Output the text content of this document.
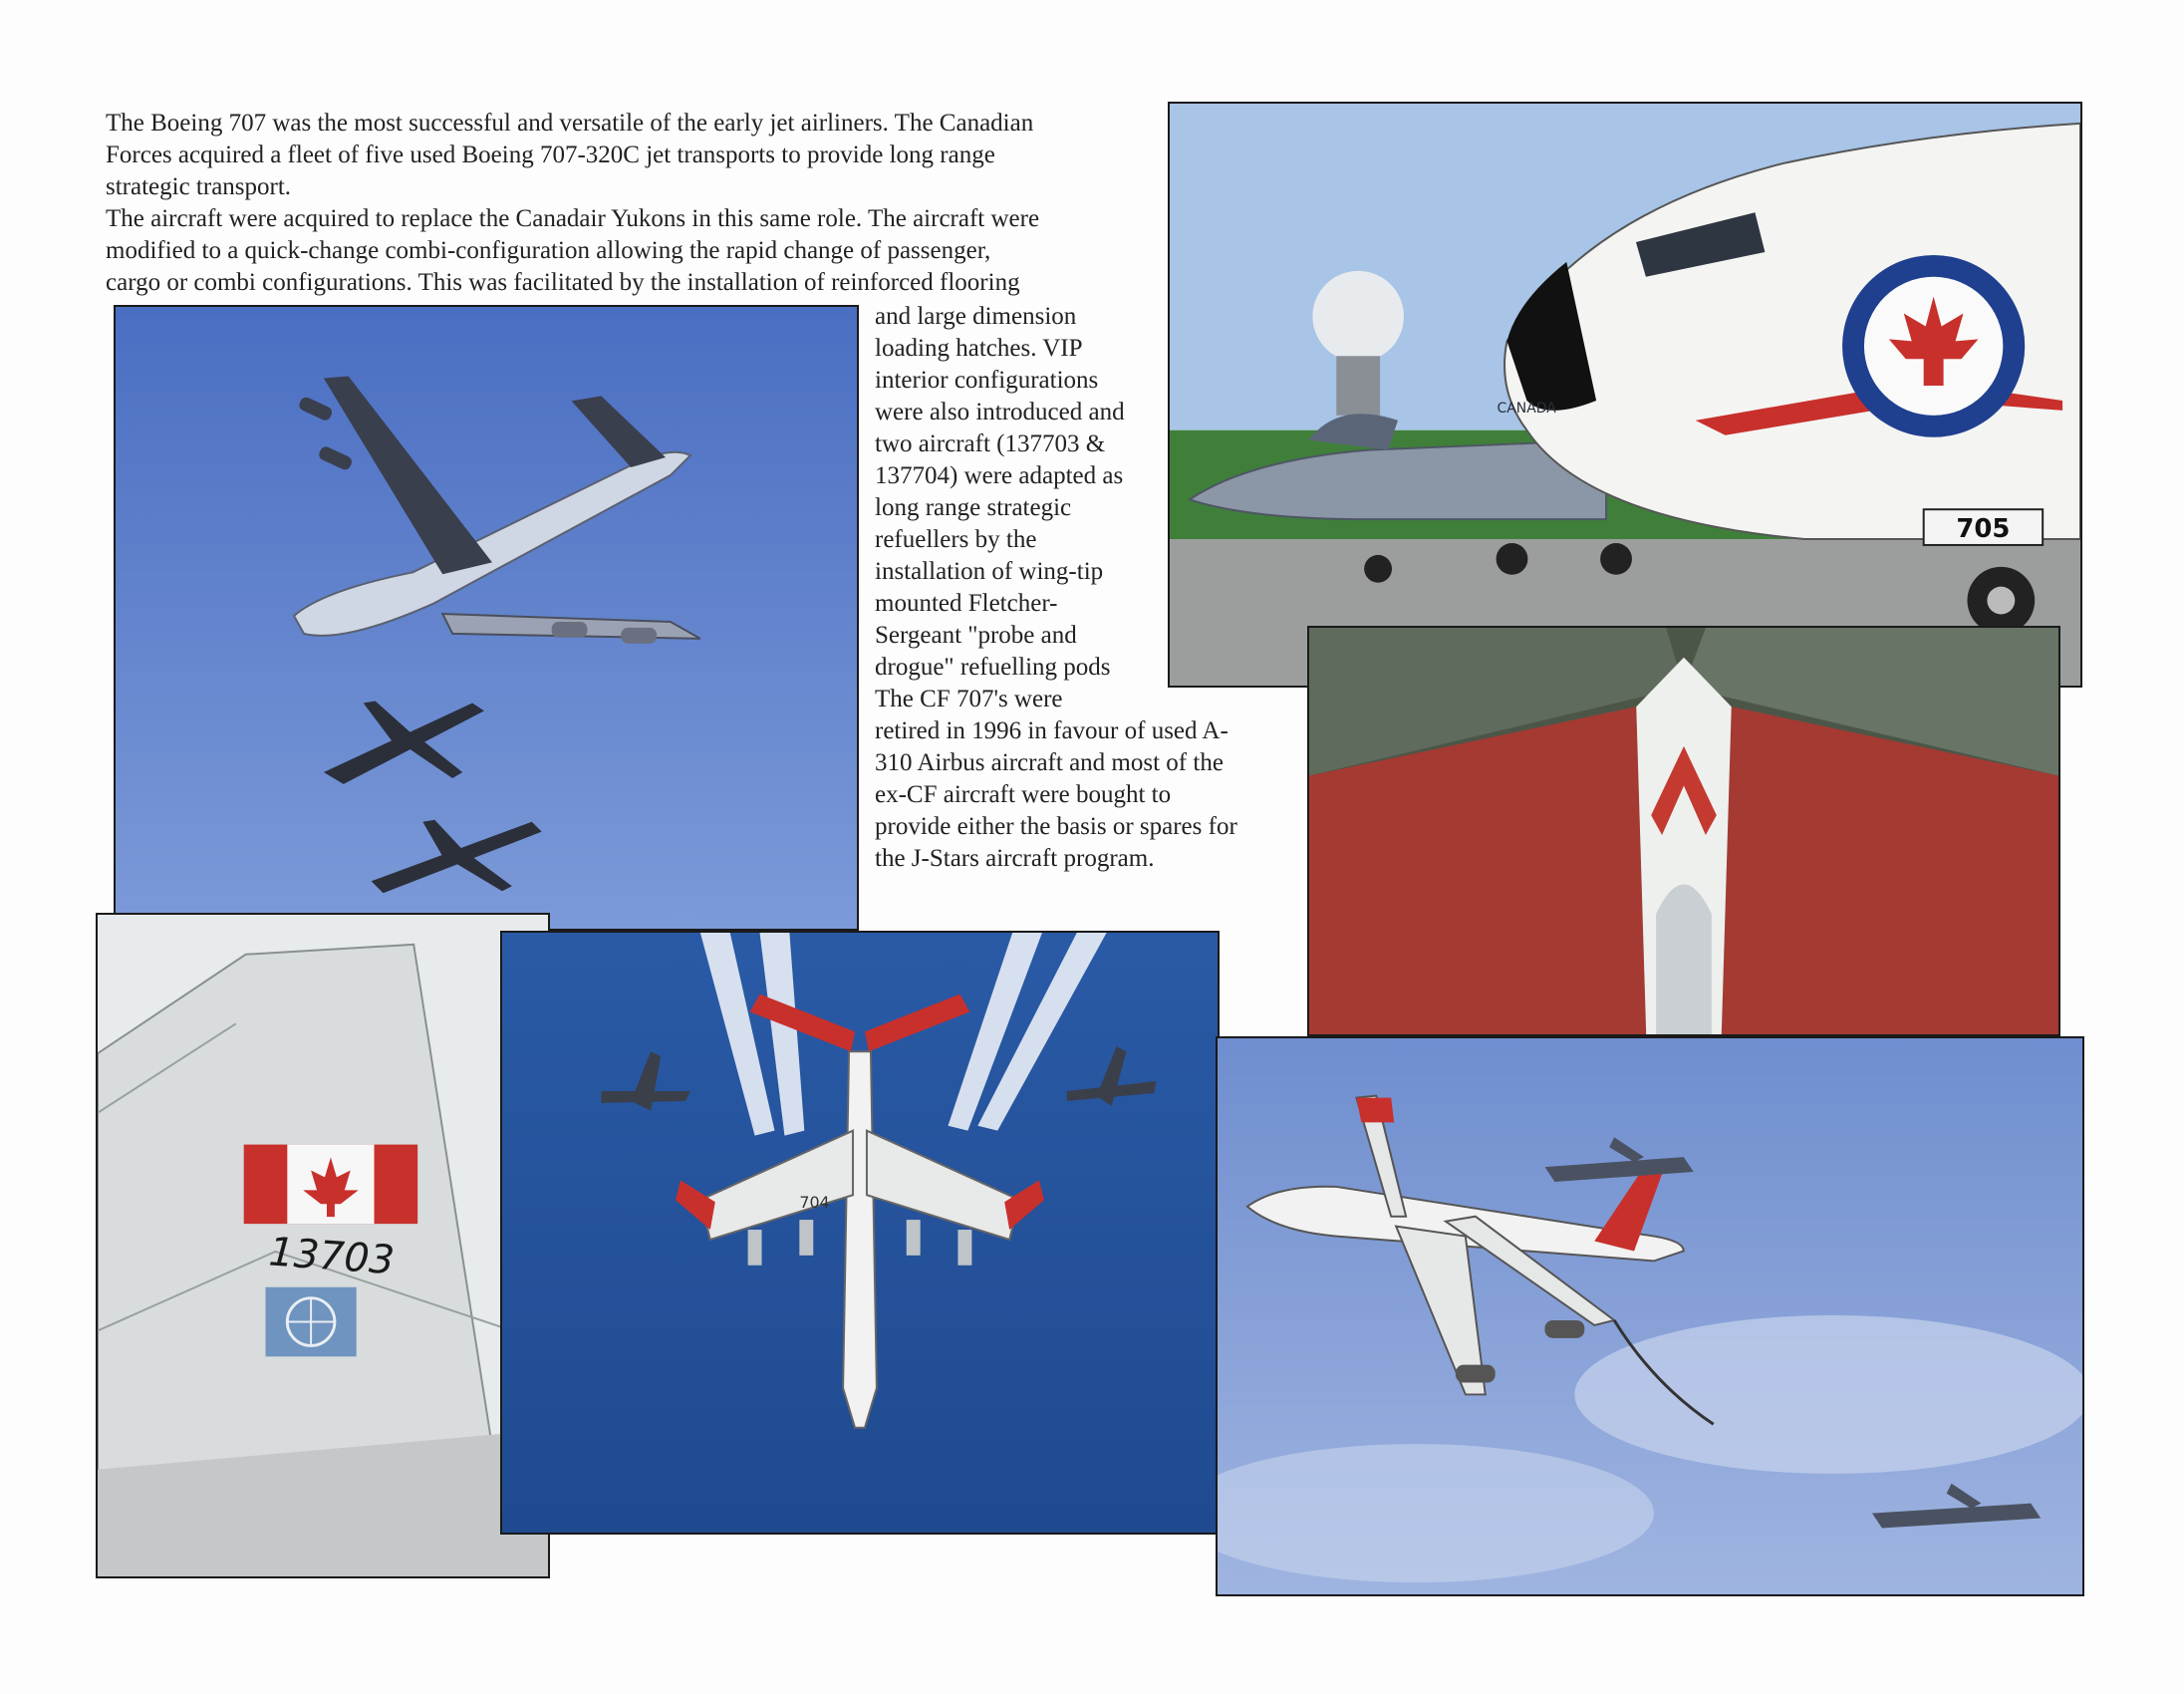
The Boeing 707 was the most successful and versatile of the early jet airliners. The Canadian

Forces acquired a fleet of five used Boeing 707-320C jet transports to provide long range

strategic transport.

The aircraft were acquired to replace the Canadair Yukons in this same role. The aircraft were

modified to a quick-change combi-configuration allowing the rapid change of passenger,

cargo or combi configurations. This was facilitated by the installation of reinforced flooring

and large dimension

loading hatches. VIP

interior configurations

were also introduced and

two aircraft (137703 &

137704) were adapted as

long range strategic

refuellers by the

installation of wing-tip

mounted Fletcher-

Sergeant "probe and

drogue" refuelling pods

The CF 707's were

retired in 1996 in favour of used A-

310 Airbus aircraft and most of the

ex-CF aircraft were bought to

provide either the basis or spares for

the J-Stars aircraft program.

705
CANADA
13703
704
